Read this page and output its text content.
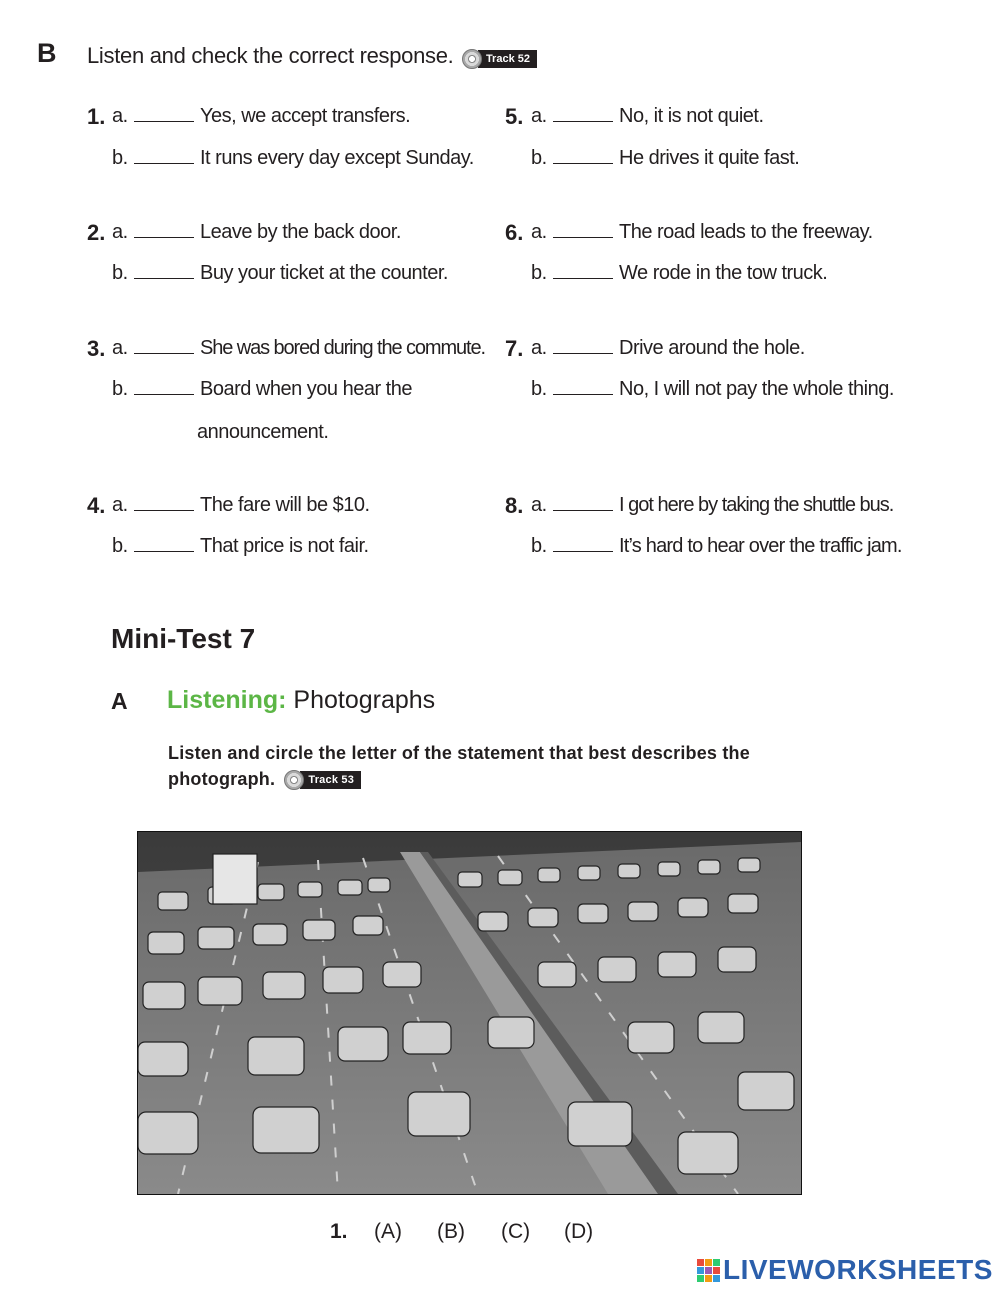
B Listen and check the correct response.	Track 52
1. a.	Yes, we accept transfers.
b.	It runs every day except Sunday.
2. a.	Leave by the back door.
b.	Buy your ticket at the counter.
3. a.	She was bored during the commute.
b.	Board when you hear the
announcement.
4. a.	The fare will be $10.
b.	That price is not fair.
5. a.	No, it is not quiet.
b.	He drives it quite fast.
6. a.	The road leads to the freeway.
b.	We rode in the tow truck.
7. a.	Drive around the hole.
b.	No, I will not pay the whole thing.
8. a.	I got here by taking the shuttle bus.
b.	It’s hard to hear over the traffic jam.
Mini-Test 7
A Listening: Photographs
Listen and circle the letter of the statement that best describes the
photograph.	Track 53
1.	(A)	(B)	(C)	(D)
LIVEWORKSHEETS
